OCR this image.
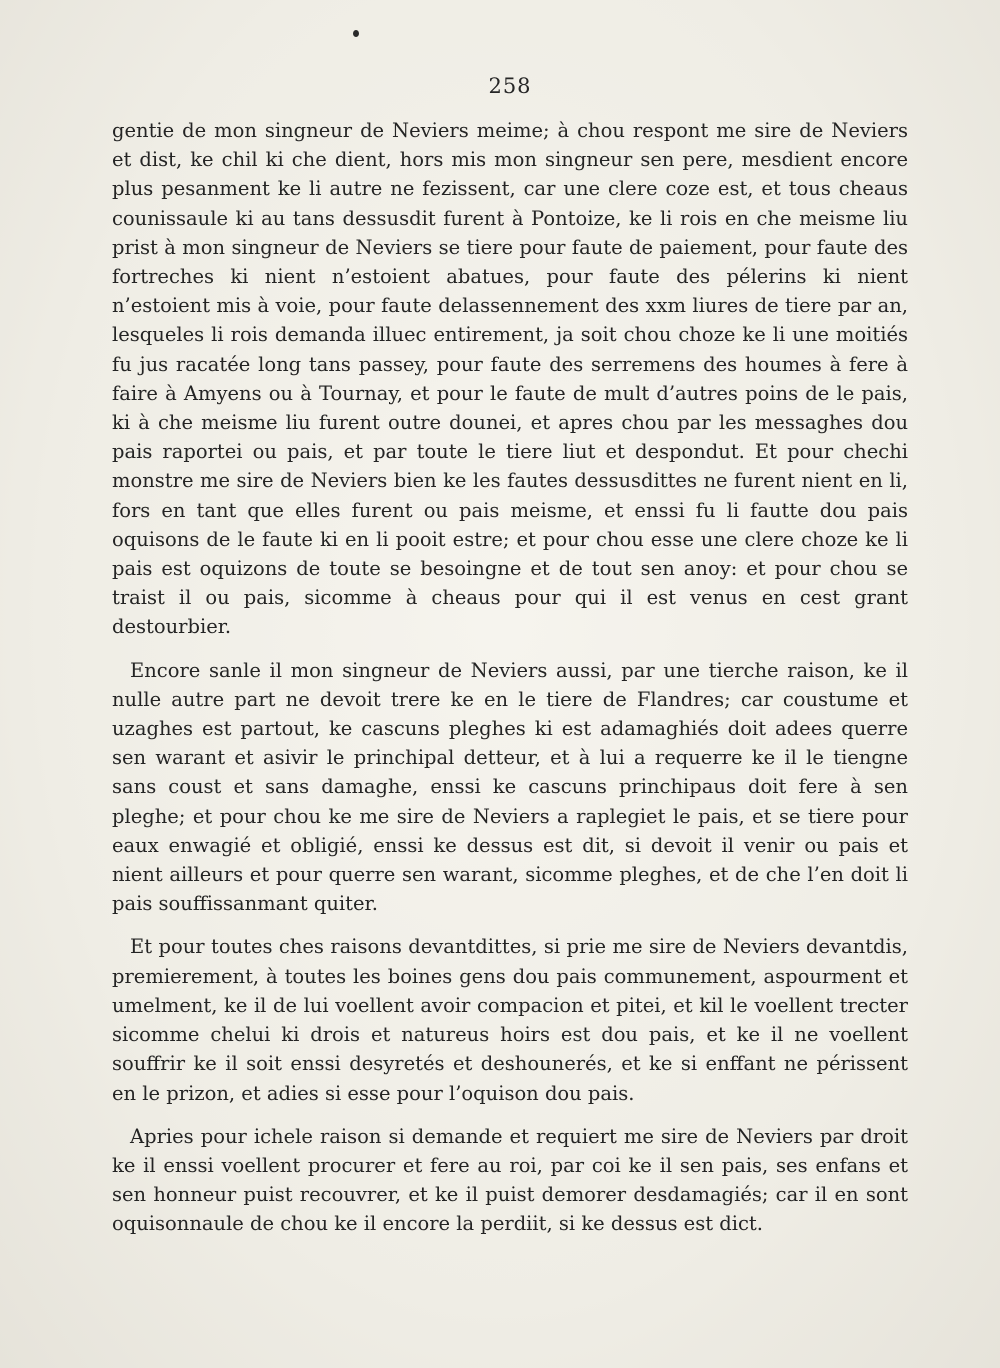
258

gentie de mon singneur de Neviers meime; à chou respont me sire de Neviers et dist, ke chil ki che dient, hors mis mon singneur sen pere, mesdient encore plus pesanment ke li autre ne fezissent, car une clere coze est, et tous cheaus counissaule ki au tans dessusdit furent à Pontoize, ke li rois en che meisme liu prist à mon singneur de Neviers se tiere pour faute de paiement, pour faute des fortreches ki nient n’estoient abatues, pour faute des pélerins ki nient n’estoient mis à voie, pour faute delassennement des xxm liures de tiere par an, lesqueles li rois demanda illuec entirement, ja soit chou choze ke li une moitiés fu jus racatée long tans passey, pour faute des serremens des houmes à fere à faire à Amyens ou à Tournay, et pour le faute de mult d’autres poins de le pais, ki à che meisme liu furent outre dounei, et apres chou par les messaghes dou pais raportei ou pais, et par toute le tiere liut et despondut. Et pour chechi monstre me sire de Neviers bien ke les fautes dessusdittes ne furent nient en li, fors en tant que elles furent ou pais meisme, et enssi fu li fautte dou pais oquisons de le faute ki en li pooit estre; et pour chou esse une clere choze ke li pais est oquizons de toute se besoingne et de tout sen anoy: et pour chou se traist il ou pais, sicomme à cheaus pour qui il est venus en cest grant destourbier.

Encore sanle il mon singneur de Neviers aussi, par une tierche raison, ke il nulle autre part ne devoit trere ke en le tiere de Flandres; car coustume et uzaghes est partout, ke cascuns pleghes ki est adamaghiés doit adees querre sen warant et asivir le princhipal detteur, et à lui a requerre ke il le tiengne sans coust et sans damaghe, enssi ke cascuns princhipaus doit fere à sen pleghe; et pour chou ke me sire de Neviers a raplegiet le pais, et se tiere pour eaux enwagié et obligié, enssi ke dessus est dit, si devoit il venir ou pais et nient ailleurs et pour querre sen warant, sicomme pleghes, et de che l’en doit li pais souffissanmant quiter.

Et pour toutes ches raisons devantdittes, si prie me sire de Neviers devantdis, premierement, à toutes les boines gens dou pais communement, aspourment et umelment, ke il de lui voellent avoir compacion et pitei, et kil le voellent trecter sicomme chelui ki drois et natureus hoirs est dou pais, et ke il ne voellent souffrir ke il soit enssi desyretés et deshounerés, et ke si enffant ne périssent en le prizon, et adies si esse pour l’oquison dou pais.

Apries pour ichele raison si demande et requiert me sire de Neviers par droit ke il enssi voellent procurer et fere au roi, par coi ke il sen pais, ses enfans et sen honneur puist recouvrer, et ke il puist demorer desdamagiés; car il en sont oquisonnaule de chou ke il encore la perdiit, si ke dessus est dict.
